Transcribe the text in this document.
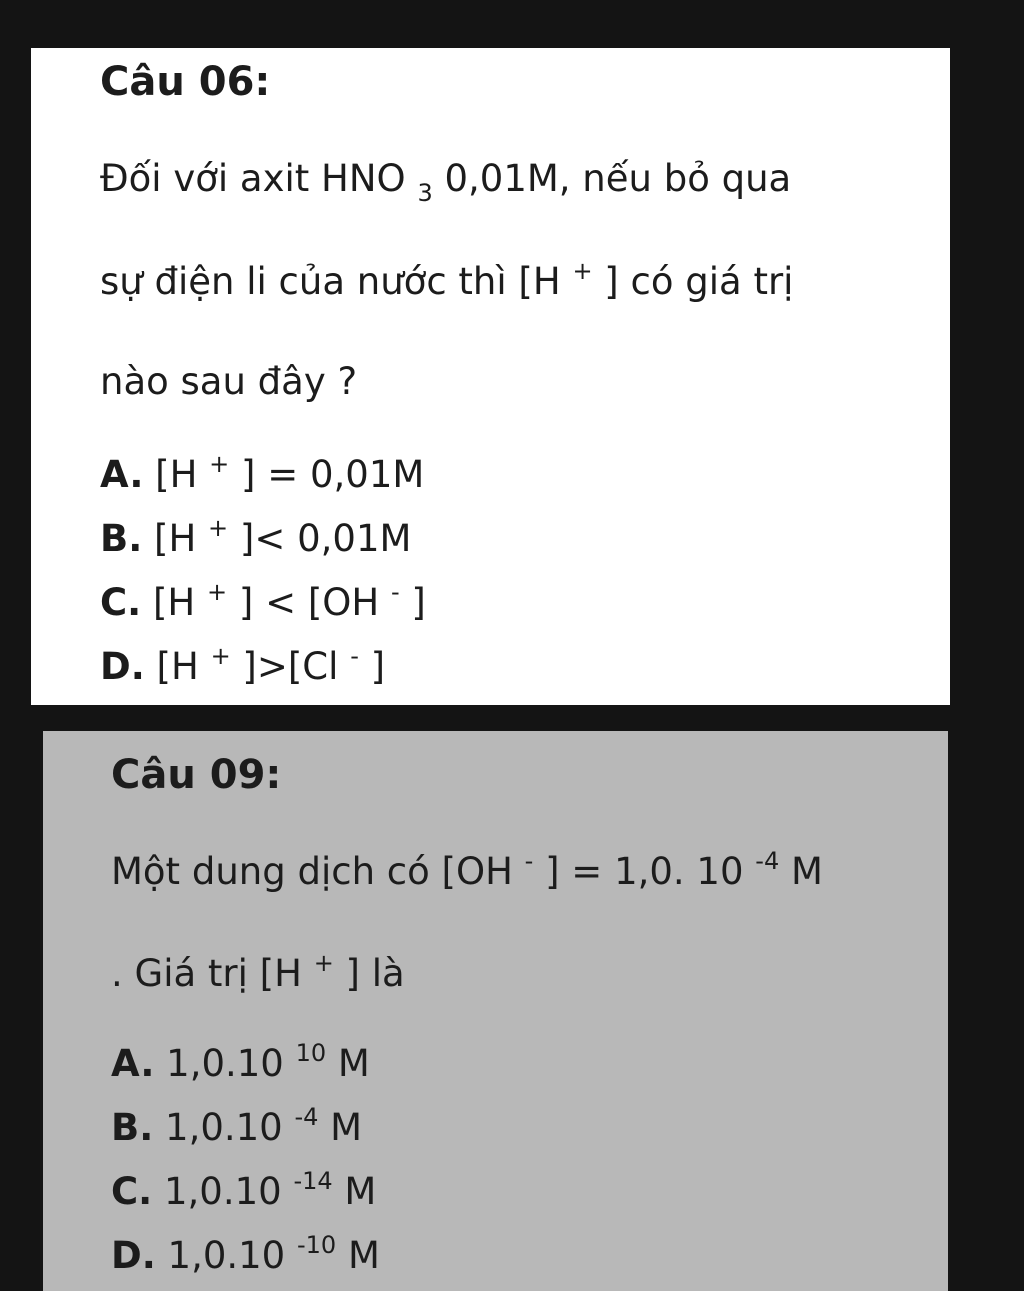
Câu 06:
Đối với axit HNO $_3$ 0,01M, nếu bỏ qua
sự điện li của nước thì [H + ] có giá trị
nào sau đây ?
A. [H + ] = 0,01M
B. [H + ]< 0,01M
C. [H + ] < [OH - ]
D. [H + ]>[Cl - ]
Câu 09:
Một dung dịch có [OH - ] = 1,0. 10 $^{-4}$ M
. Giá trị [H + ] là
A. 1,0.10 $^{10}$ M
B. 1,0.10 $^{-4}$ M
C. 1,0.10 $^{-14}$ M
D. 1,0.10 $^{-10}$ M
